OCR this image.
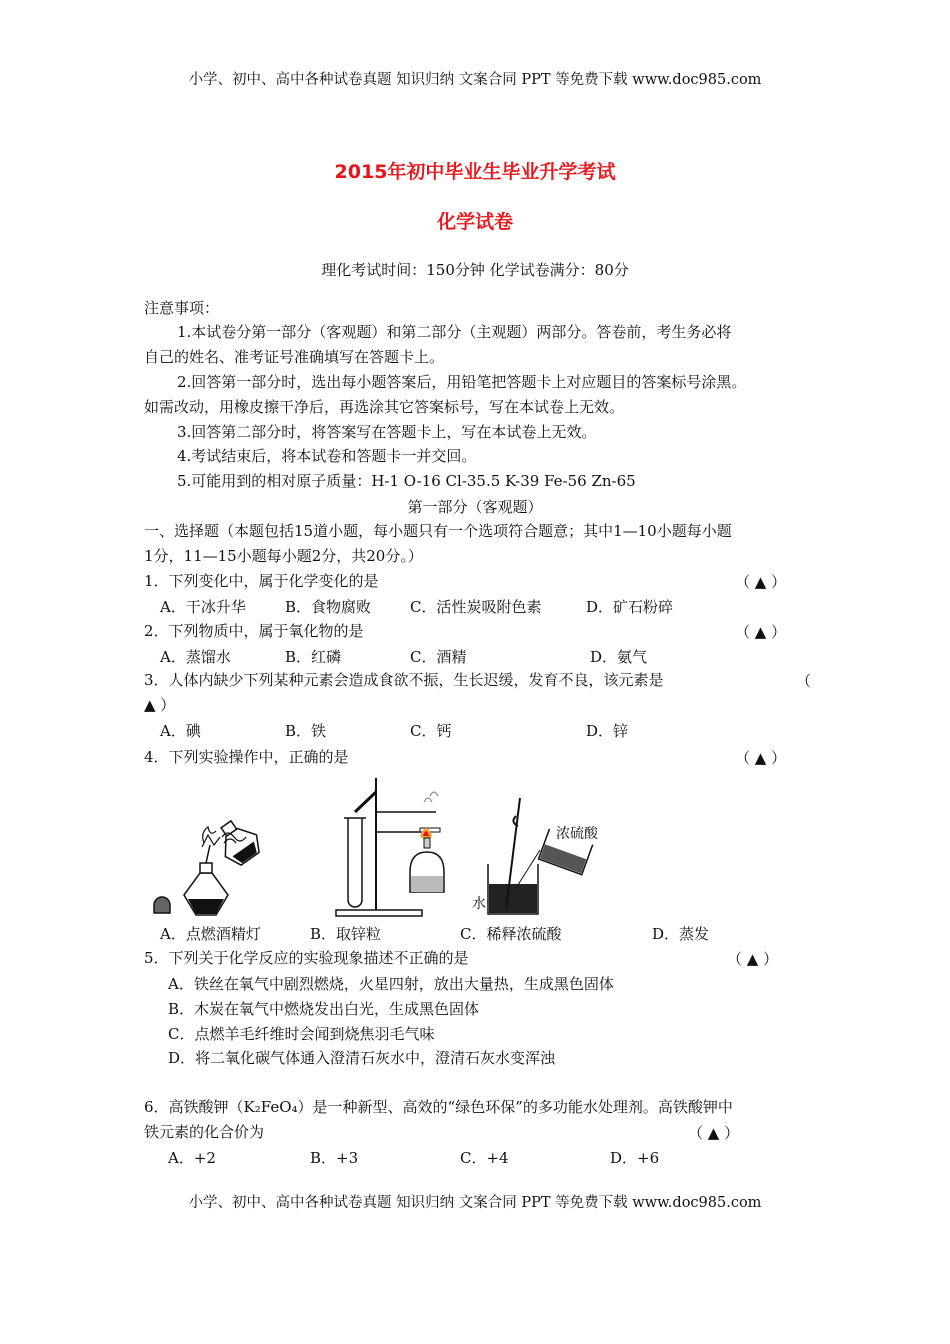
小学、初中、高中各种试卷真题 知识归纳 文案合同 PPT 等免费下载 www.doc985.com
2015年初中毕业生毕业升学考试
化学试卷
理化考试时间：150分钟 化学试卷满分：80分
注意事项：
1.本试卷分第一部分（客观题）和第二部分（主观题）两部分。答卷前，考生务必将
自己的姓名、准考证号准确填写在答题卡上。
2.回答第一部分时，选出每小题答案后，用铅笔把答题卡上对应题目的答案标号涂黑。
如需改动，用橡皮擦干净后，再选涂其它答案标号，写在本试卷上无效。
3.回答第二部分时，将答案写在答题卡上，写在本试卷上无效。
4.考试结束后，将本试卷和答题卡一并交回。
5.可能用到的相对原子质量：H-1 O-16 Cl-35.5 K-39 Fe-56 Zn-65
第一部分（客观题）
一、选择题（本题包括15道小题，每小题只有一个选项符合题意；其中1—10小题每小题
1分，11—15小题每小题2分，共20分。）
1．下列变化中，属于化学变化的是	（ ▲ ）
A．干冰升华	B．食物腐败	C．活性炭吸附色素	D．矿石粉碎
2．下列物质中，属于氧化物的是	（ ▲ ）
A．蒸馏水	B．红磷	C．酒精	D．氨气
3．人体内缺少下列某种元素会造成食欲不振，生长迟缓，发育不良，该元素是	（
▲ ）
A．碘	B．铁	C．钙	D．锌
4．下列实验操作中，正确的是	（ ▲ ）
浓硫酸
水
A．点燃酒精灯	B．取锌粒	C．稀释浓硫酸	D．蒸发
5．下列关于化学反应的实验现象描述不正确的是	（ ▲ ）
A．铁丝在氧气中剧烈燃烧，火星四射，放出大量热，生成黑色固体
B．木炭在氧气中燃烧发出白光，生成黑色固体
C．点燃羊毛纤维时会闻到烧焦羽毛气味
D．将二氧化碳气体通入澄清石灰水中，澄清石灰水变浑浊
6．高铁酸钾（K₂FeO₄）是一种新型、高效的“绿色环保”的多功能水处理剂。高铁酸钾中
铁元素的化合价为	（ ▲ ）
A．+2	B．+3	C．+4	D．+6
小学、初中、高中各种试卷真题 知识归纳 文案合同 PPT 等免费下载 www.doc985.com
